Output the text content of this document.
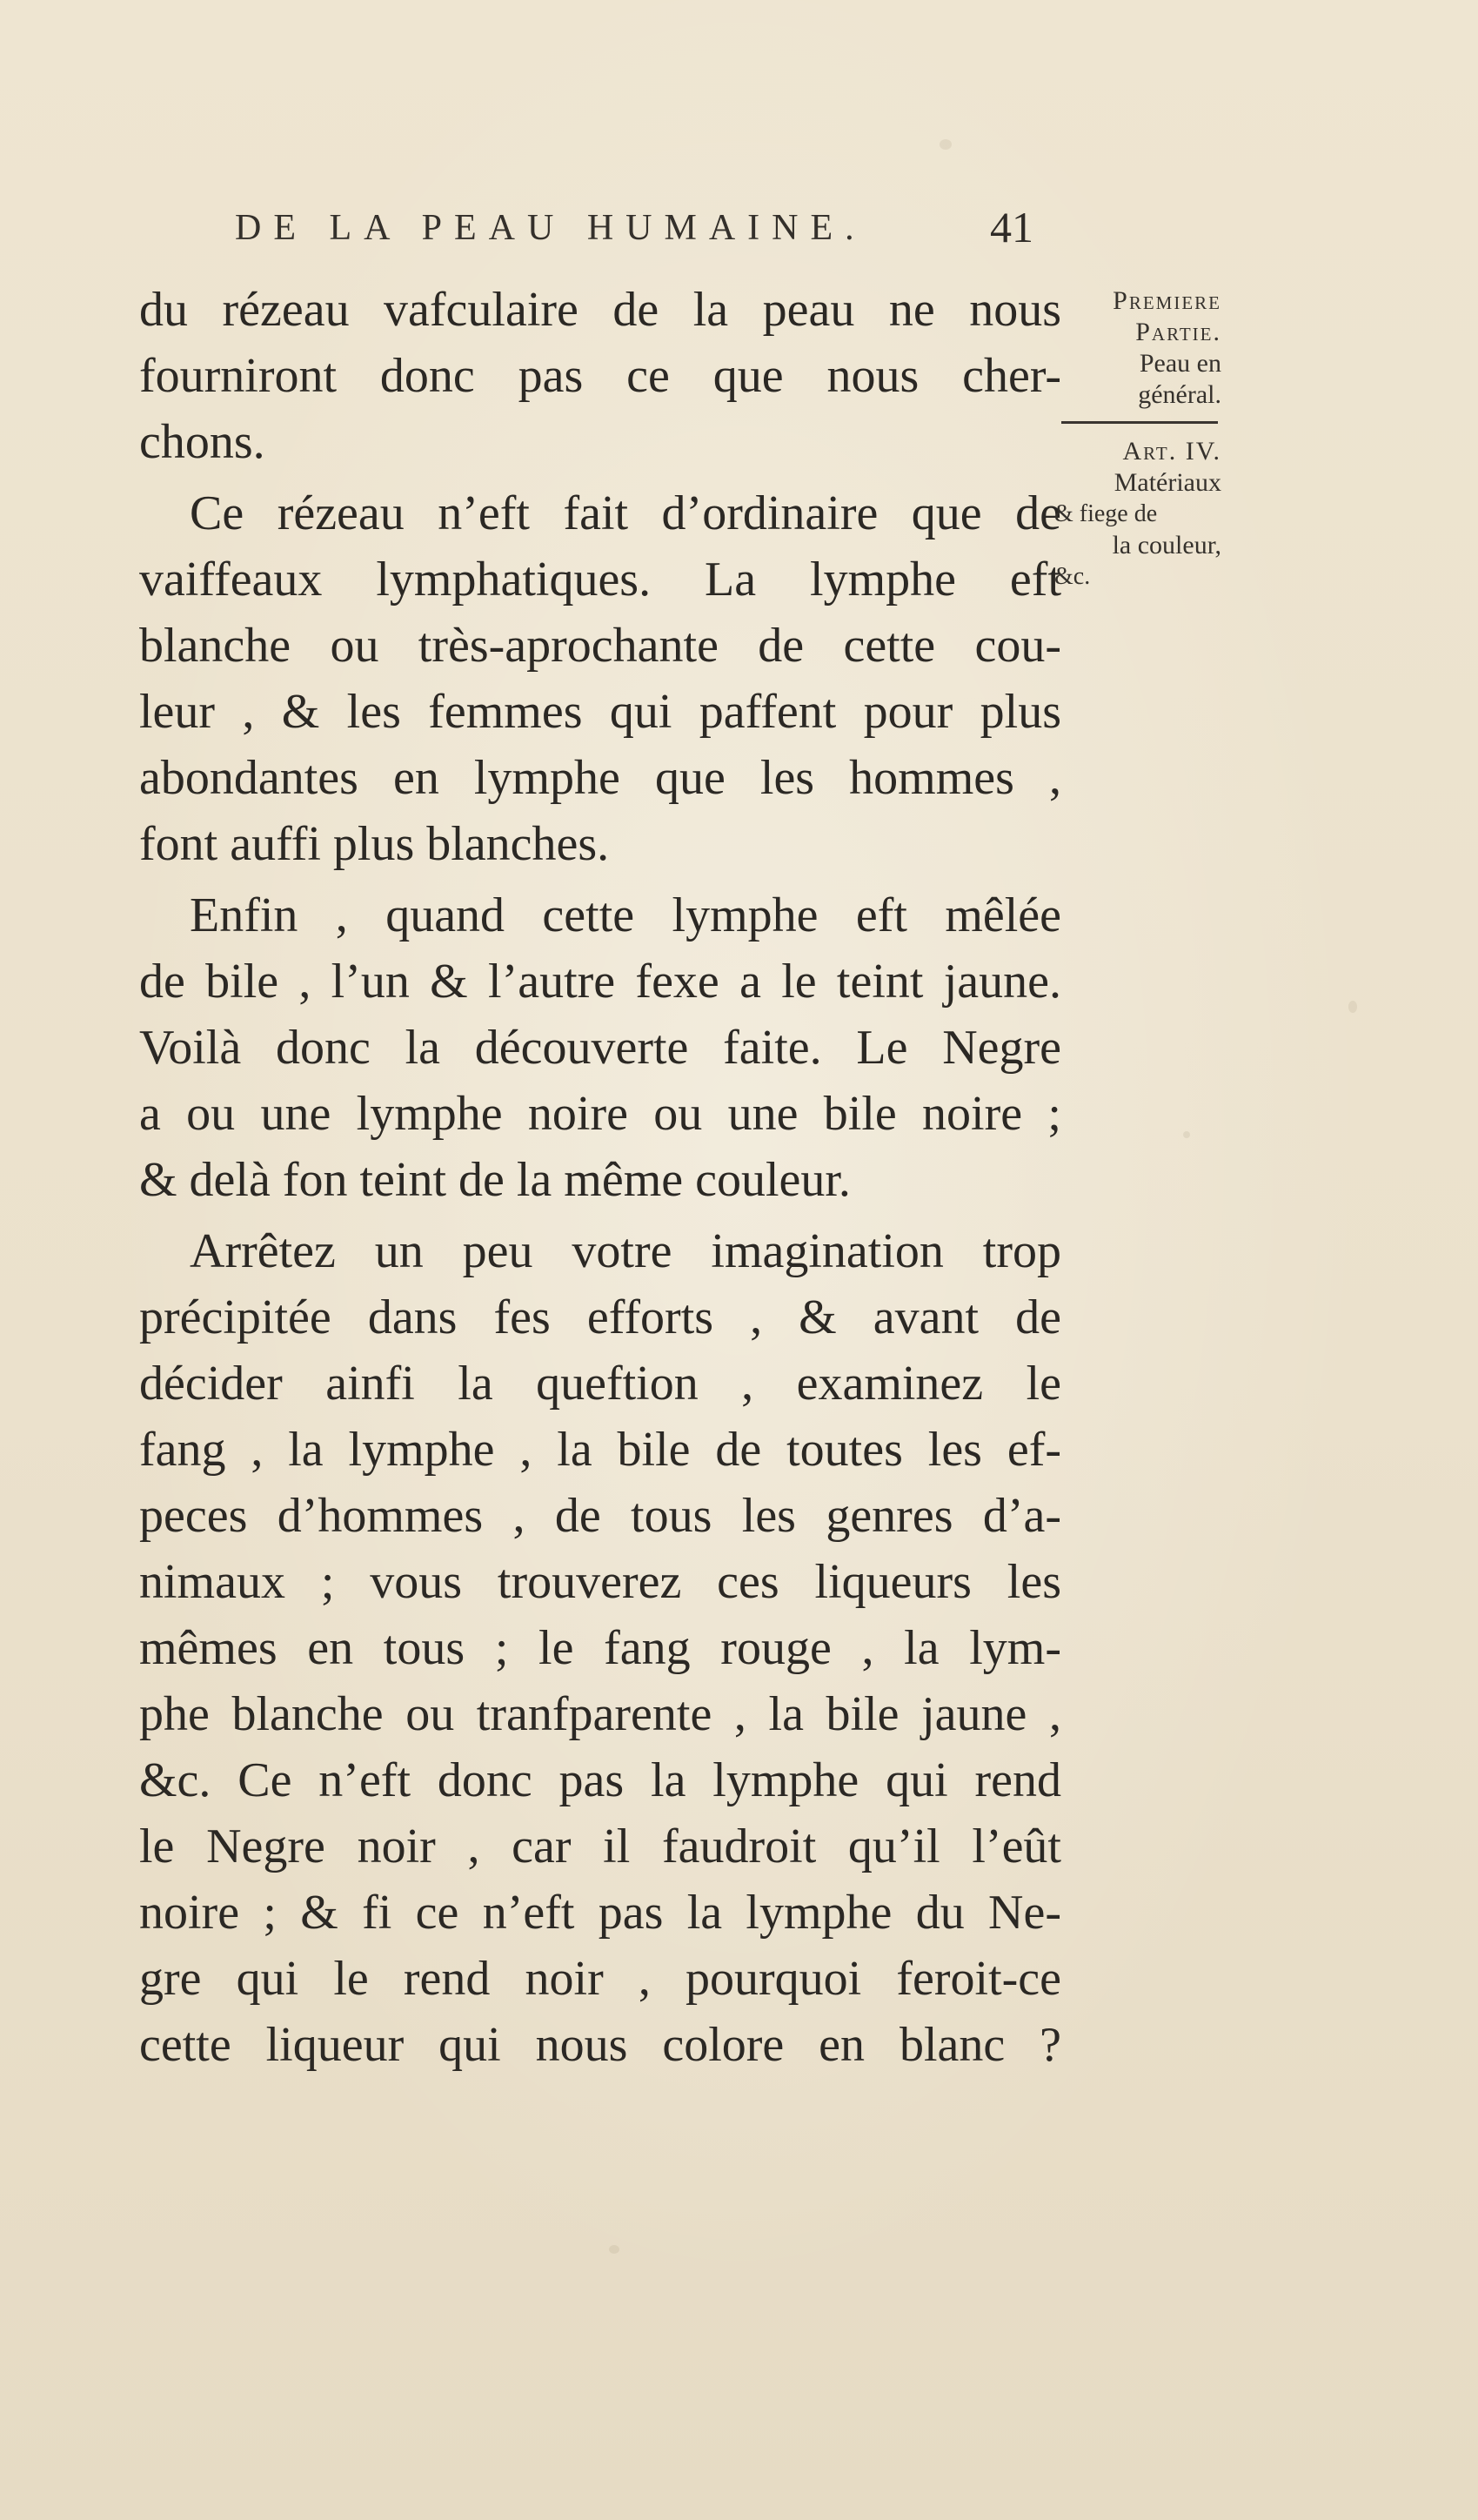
DE LA PEAU HUMAINE.	41
du rézeau vafculaire de la peau ne nous
fourniront donc pas ce que nous cher-
chons.
Ce rézeau n’eft fait d’ordinaire que de
vaiffeaux lymphatiques. La lymphe eft
blanche ou très-aprochante de cette cou-
leur , & les femmes qui paffent pour plus
abondantes en lymphe que les hommes ,
font auffi plus blanches.
Enfin , quand cette lymphe eft mêlée
de bile , l’un & l’autre fexe a le teint jaune.
Voilà donc la découverte faite. Le Negre
a ou une lymphe noire ou une bile noire ;
& delà fon teint de la même couleur.
Arrêtez un peu votre imagination trop
précipitée dans fes efforts , & avant de
décider ainfi la queftion , examinez le
fang , la lymphe , la bile de toutes les ef-
peces d’hommes , de tous les genres d’a-
nimaux ; vous trouverez ces liqueurs les
mêmes en tous ; le fang rouge , la lym-
phe blanche ou tranfparente , la bile jaune ,
&c. Ce n’eft donc pas la lymphe qui rend
le Negre noir , car il faudroit qu’il l’eût
noire ; & fi ce n’eft pas la lymphe du Ne-
gre qui le rend noir , pourquoi feroit-ce
cette liqueur qui nous colore en blanc ?
Premiere
Partie.
Peau en
général.
Art. IV.
Matériaux
& fiege de
la couleur,
&c.
